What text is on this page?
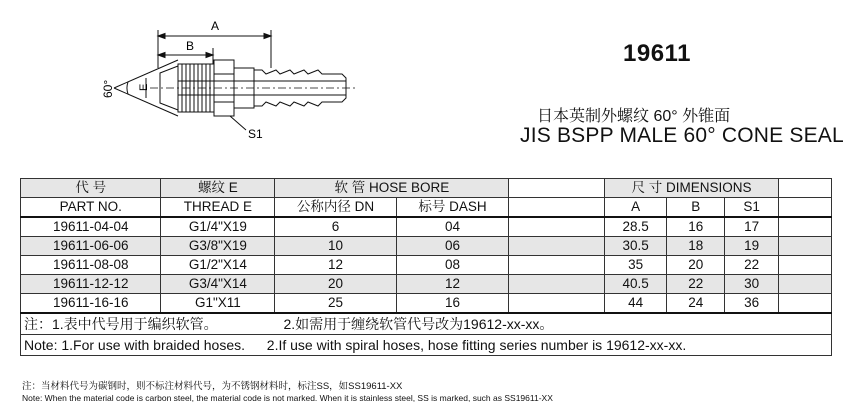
A
B
E
S1
60°
19611
日本英制外螺纹 60° 外锥面
JIS BSPP MALE 60° CONE SEAL
代 号	螺纹 E	软 管 HOSE BORE			尺 寸 DIMENSIONS			
PART NO.	THREAD E	公称内径 DN	标号 DASH		A	B	S1	
19611-04-04	G1/4"X19	6	04		28.5	16	17	
19611-06-06	G3/8"X19	10	06		30.5	18	19	
19611-08-08	G1/2"X14	12	08		35	20	22	
19611-12-12	G3/4"X14	20	12		40.5	22	30	
19611-16-16	G1"X11	25	16		44	24	36	
注：1.表中代号用于编织软管。 2.如需用于缠绕软管代号改为19612-xx-xx。								
Note: 1.For use with braided hoses. 2.If use with spiral hoses, hose fitting series number is 19612-xx-xx.								
注：当材料代号为碳钢时，则不标注材料代号，为不锈钢材料时，标注SS，如SS19611-XX
Note: When the material code is carbon steel, the material code is not marked. When it is stainless steel, SS is marked, such as SS19611-XX
